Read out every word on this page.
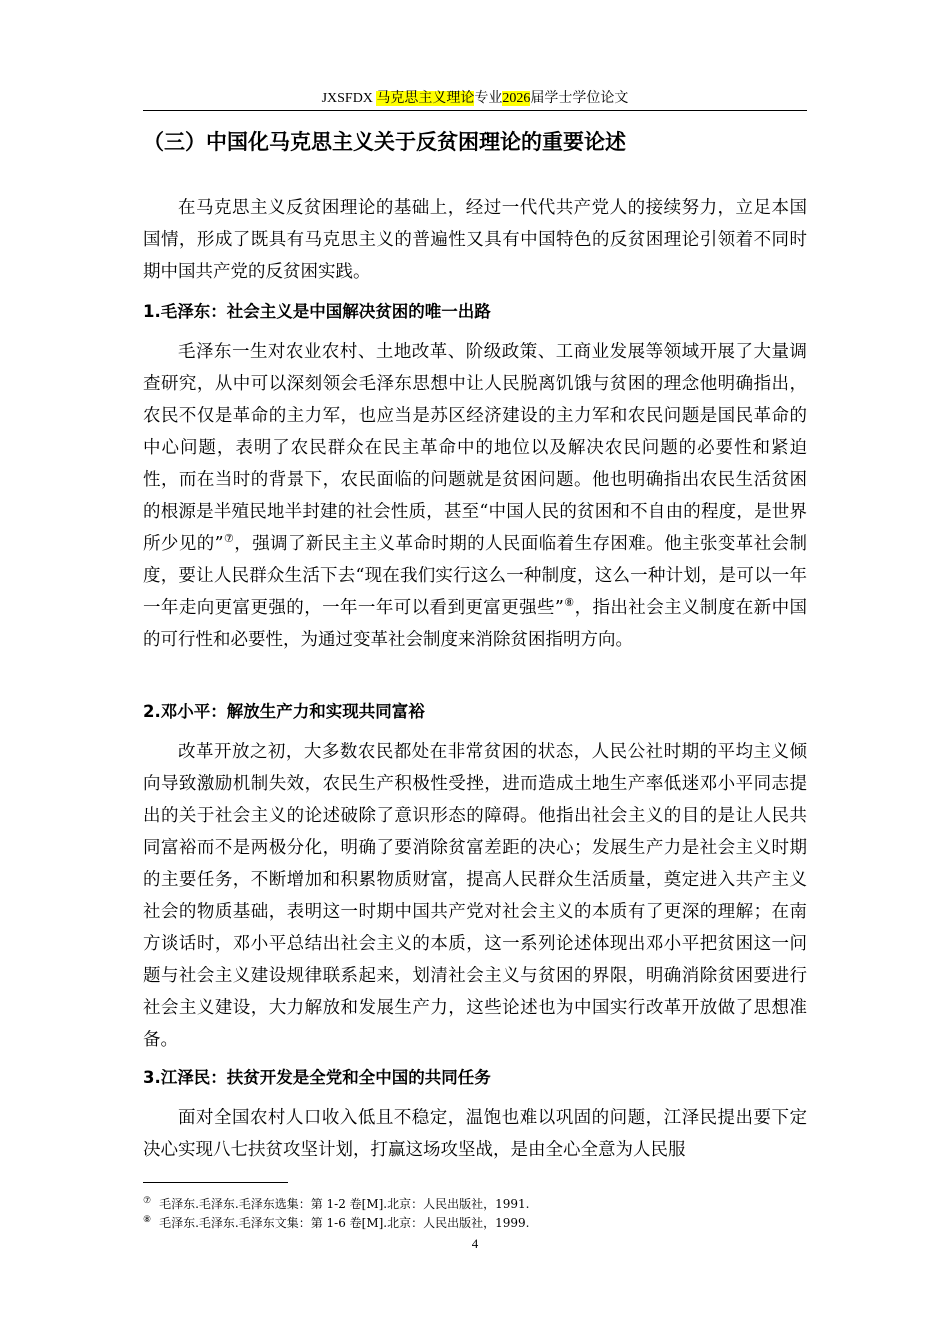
JXSFDX 马克思主义理论专业2026届学士学位论文
（三）中国化马克思主义关于反贫困理论的重要论述

在马克思主义反贫困理论的基础上，经过一代代共产党人的接续努力，立足本国国情，形成了既具有马克思主义的普遍性又具有中国特色的反贫困理论引领着不同时期中国共产党的反贫困实践。

1.毛泽东：社会主义是中国解决贫困的唯一出路

毛泽东一生对农业农村、土地改革、阶级政策、工商业发展等领域开展了大量调查研究，从中可以深刻领会毛泽东思想中让人民脱离饥饿与贫困的理念他明确指出，农民不仅是革命的主力军，也应当是苏区经济建设的主力军和农民问题是国民革命的中心问题，表明了农民群众在民主革命中的地位以及解决农民问题的必要性和紧迫性，而在当时的背景下，农民面临的问题就是贫困问题。他也明确指出农民生活贫困的根源是半殖民地半封建的社会性质，甚至“中国人民的贫困和不自由的程度，是世界所少见的”⑦，强调了新民主主义革命时期的人民面临着生存困难。他主张变革社会制度，要让人民群众生活下去“现在我们实行这么一种制度，这么一种计划，是可以一年一年走向更富更强的，一年一年可以看到更富更强些”⑧，指出社会主义制度在新中国的可行性和必要性，为通过变革社会制度来消除贫困指明方向。

2.邓小平：解放生产力和实现共同富裕

改革开放之初，大多数农民都处在非常贫困的状态，人民公社时期的平均主义倾向导致激励机制失效，农民生产积极性受挫，进而造成土地生产率低迷邓小平同志提出的关于社会主义的论述破除了意识形态的障碍。他指出社会主义的目的是让人民共同富裕而不是两极分化，明确了要消除贫富差距的决心；发展生产力是社会主义时期的主要任务，不断增加和积累物质财富，提高人民群众生活质量，奠定进入共产主义社会的物质基础，表明这一时期中国共产党对社会主义的本质有了更深的理解；在南方谈话时，邓小平总结出社会主义的本质，这一系列论述体现出邓小平把贫困这一问题与社会主义建设规律联系起来，划清社会主义与贫困的界限，明确消除贫困要进行社会主义建设，大力解放和发展生产力，这些论述也为中国实行改革开放做了思想准备。

3.江泽民：扶贫开发是全党和全中国的共同任务

面对全国农村人口收入低且不稳定，温饱也难以巩固的问题，江泽民提出要下定决心实现八七扶贫攻坚计划，打赢这场攻坚战，是由全心全意为人民服

⑦ 毛泽东.毛泽东.毛泽东选集：第 1-2 卷[M].北京：人民出版社，1991.
⑧ 毛泽东.毛泽东.毛泽东文集：第 1-6 卷[M].北京：人民出版社，1999.
4
